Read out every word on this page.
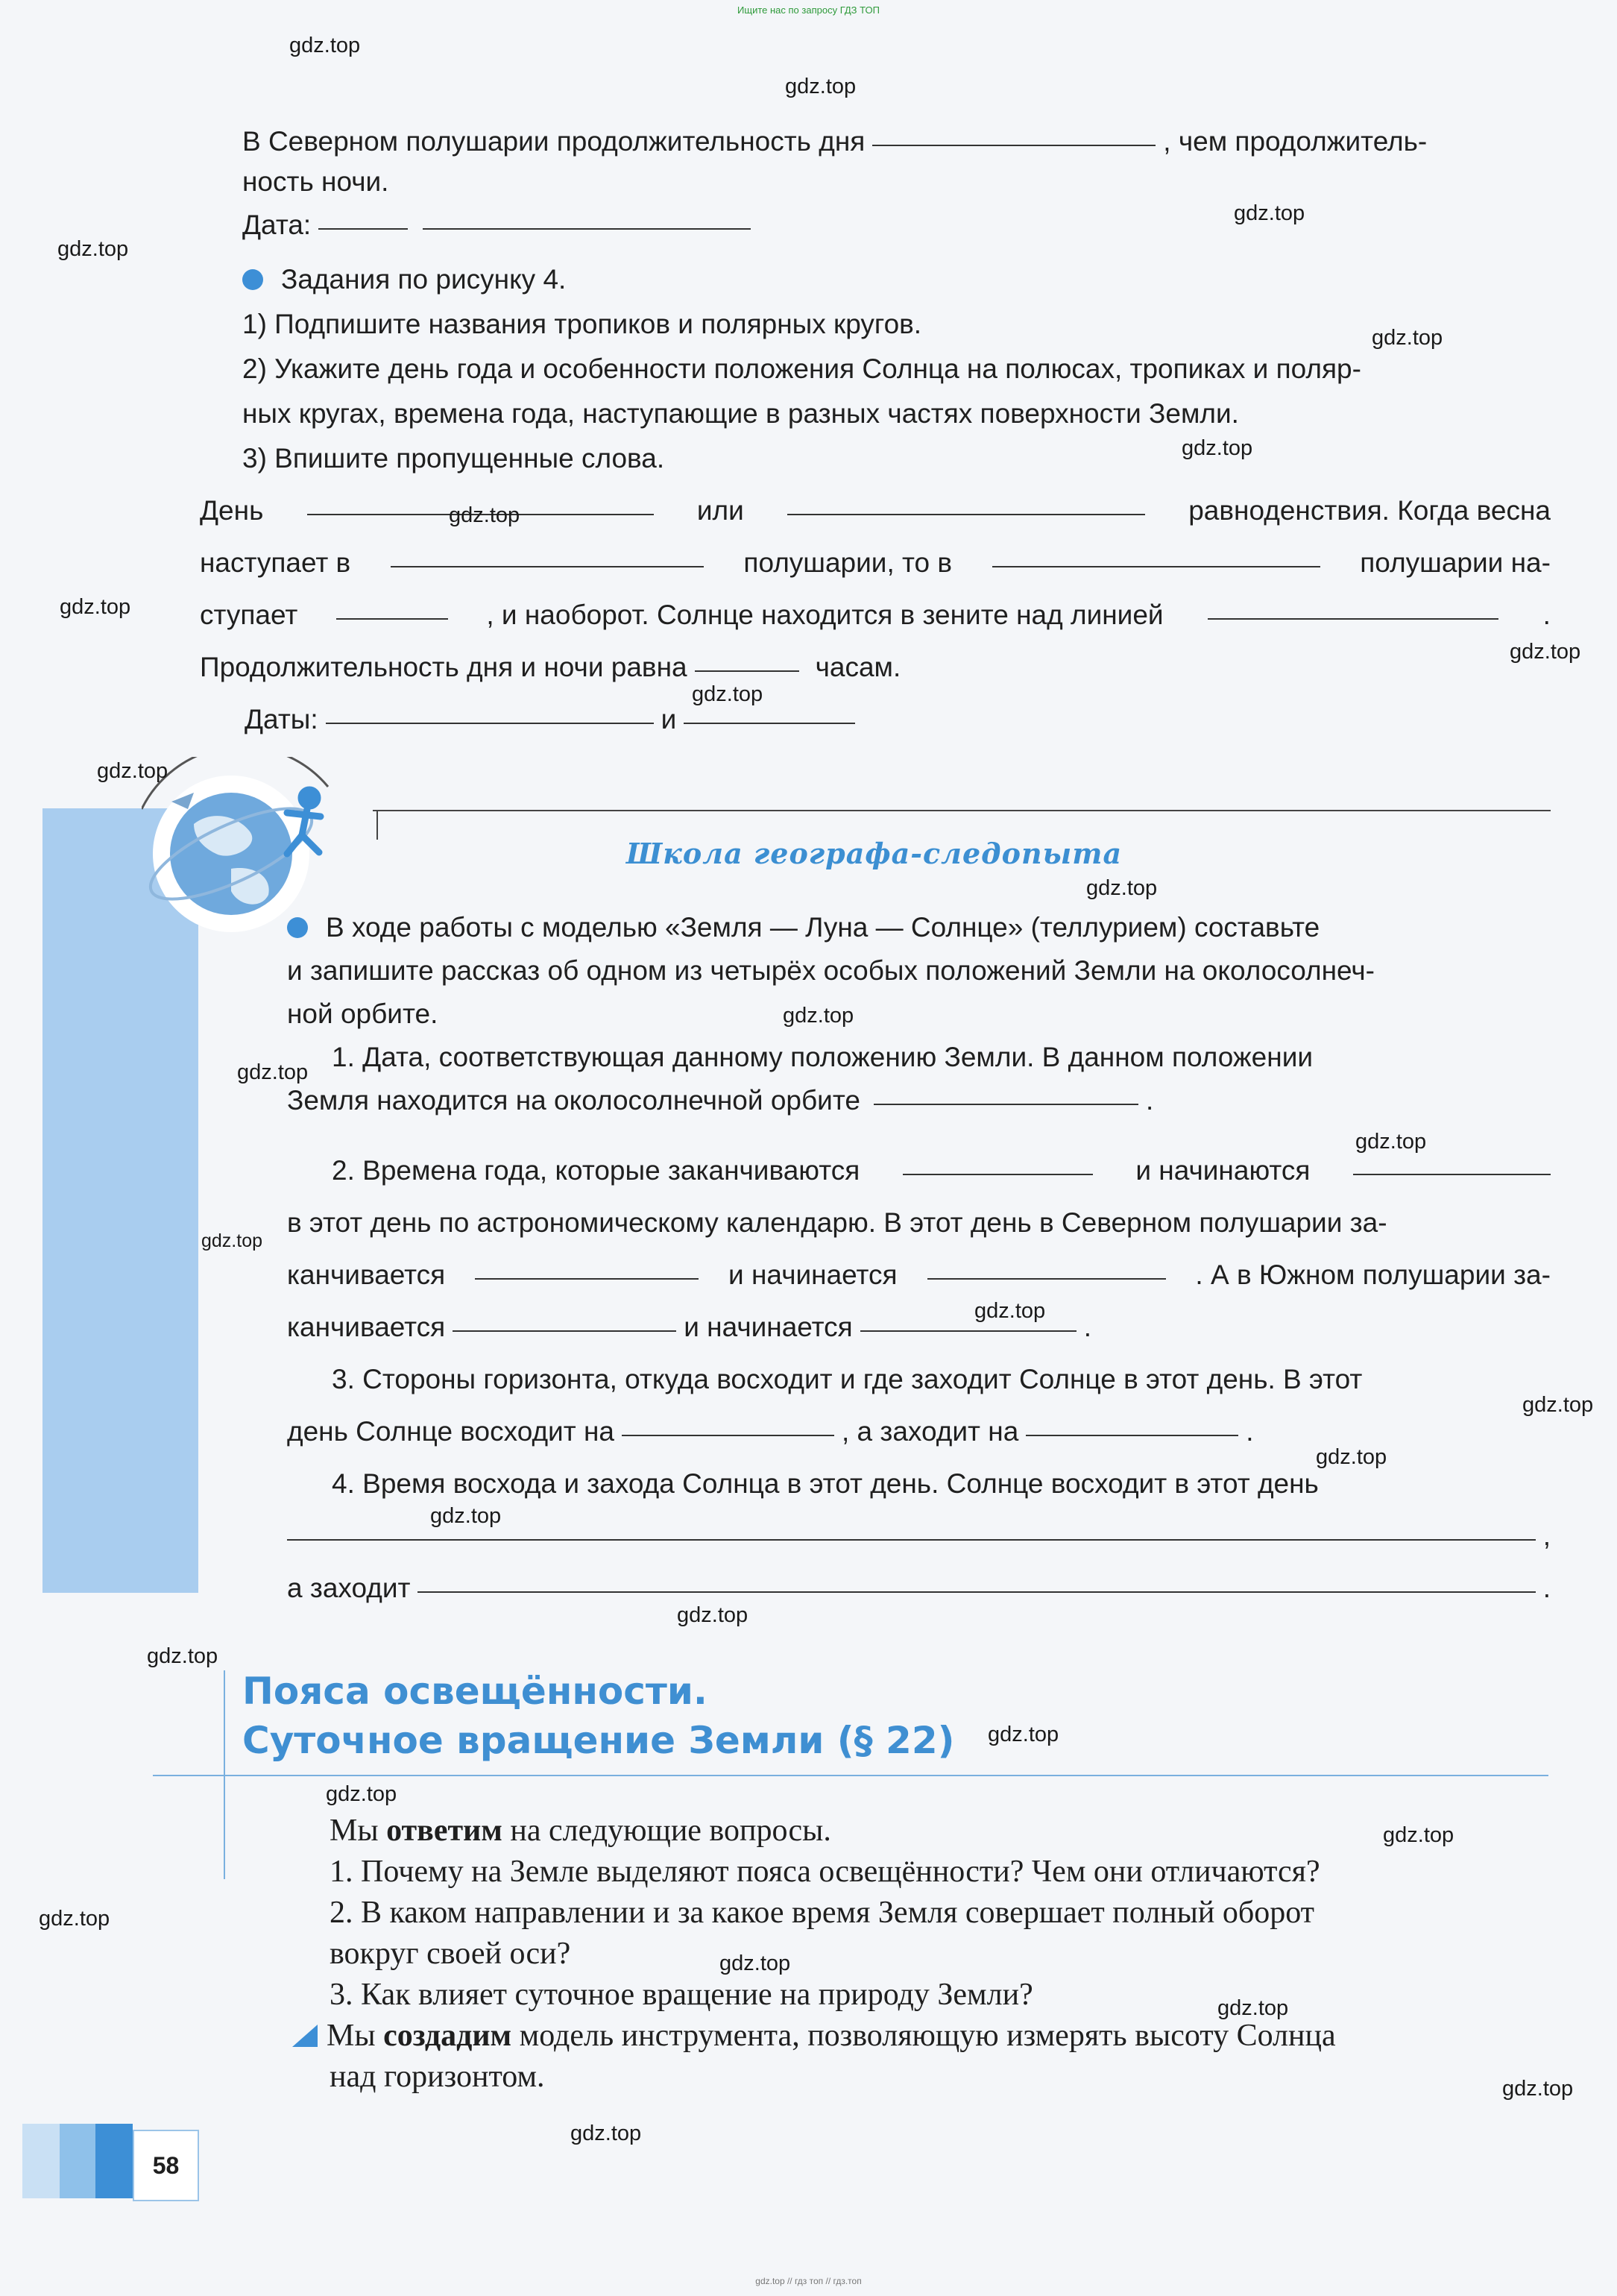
Ищите нас по запросу ГДЗ ТОП
gdz.top // гдз топ // гдз.топ
В Северном полушарии продолжительность дня	, чем продолжитель-
ность ночи.
Дата:
Задания по рисунку 4.
1) Подпишите названия тропиков и полярных кругов.
2) Укажите день года и особенности положения Солнца на полюсах, тропиках и поляр-
ных кругах, времена года, наступающие в разных частях поверхности Земли.
3) Впишите пропущенные слова.
День	или	равноденствия. Когда весна
наступает в	полушарии, то в	полушарии на-
ступает	, и наоборот. Солнце находится в зените над линией	.
Продолжительность дня и ночи равна	часам.
Даты:	и
Школа географа-следопыта
В ходе работы с моделью «Земля — Луна — Солнце» (теллурием) составьте
и запишите рассказ об одном из четырёх особых положений Земли на околосолнеч-
ной орбите.
1. Дата, соответствующая данному положению Земли. В данном положении
Земля находится на околосолнечной орбите	.
2. Времена года, которые заканчиваются	и начинаются
в этот день по астрономическому календарю. В этот день в Северном полушарии за-
канчивается	и начинается	. А в Южном полушарии за-
канчивается	и начинается	.
3. Стороны горизонта, откуда восходит и где заходит Солнце в этот день. В этот
день Солнце восходит на	, а заходит на	.
4. Время восхода и захода Солнца в этот день. Солнце восходит в этот день
,
а заходит	.
Пояса освещённости.
Суточное вращение Земли (§ 22)
Мы ответим на следующие вопросы.
1. Почему на Земле выделяют пояса освещённости? Чем они отличаются?
2. В каком направлении и за какое время Земля совершает полный оборот
вокруг своей оси?
3. Как влияет суточное вращение на природу Земли?
Мы создадим модель инструмента, позволяющую измерять высоту Солнца
над горизонтом.
58
gdz.top
gdz.top
gdz.top
gdz.top
gdz.top
gdz.top
gdz.top
gdz.top
gdz.top
gdz.top
gdz.top
gdz.top
gdz.top
gdz.top
gdz.top
gdz.top
gdz.top
gdz.top
gdz.top
gdz.top
gdz.top
gdz.top
gdz.top
gdz.top
gdz.top
gdz.top
gdz.top
gdz.top
gdz.top
gdz.top
